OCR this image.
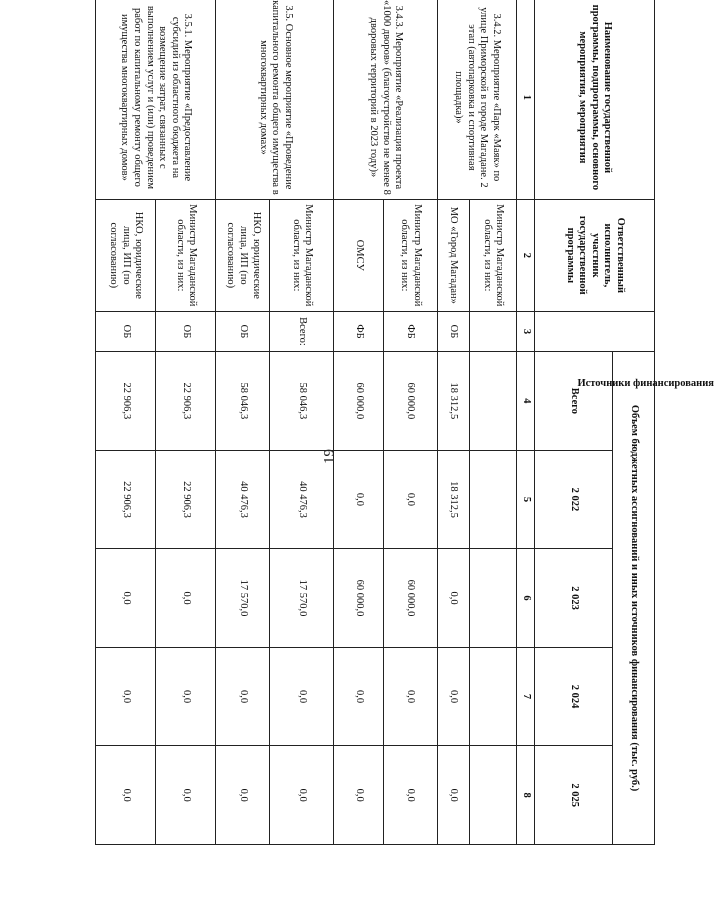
19
Наименование государственной программы, подпрограммы, основного мероприятия, мероприятия	Ответственный исполнитель, участник государственной программы	Источники финансирования	Объем бюджетных ассигнований и иных источников финансирования (тыс. руб.)				
			Всего	2 022	2 023	2 024	2 025
1	2	3	4	5	6	7	8
3.4.2. Мероприятие «Парк «Маяк» по улице Приморской в городе Магадане. 2 этап (автопарковка и спортивная площадка)»	Министр Магаданской области, из них:						
	МО «Город Магадан»	ОБ	18 312,5	18 312,5	0,0	0,0	0,0
3.4.3. Мероприятие «Реализация проекта «1000 дворов» (благоустройство не менее 8 дворовых территорий в 2023 году)»	Министр Магаданской области, из них:	ФБ	60 000,0	0,0	60 000,0	0,0	0,0
	ОМСУ	ФБ	60 000,0	0,0	60 000,0	0,0	0,0
3.5. Основное мероприятие «Проведение капитального ремонта общего имущества в многоквартирных домах»	Министр Магаданской области, из них:	Всего:	58 046,3	40 476,3	17 570,0	0,0	0,0
	НКО, юридические лица, ИП (по согласованию)	ОБ	58 046,3	40 476,3	17 570,0	0,0	0,0
3.5.1. Мероприятие «Предоставление субсидий из областного бюджета на возмещение затрат, связанных с выполнением услуг и (или) проведением работ по капитальному ремонту общего имущества многоквартирных домов»	Министр Магаданской области, из них:	ОБ	22 906,3	22 906,3	0,0	0,0	0,0
	НКО, юридические лица, ИП (по согласованию)	ОБ	22 906,3	22 906,3	0,0	0,0	0,0
